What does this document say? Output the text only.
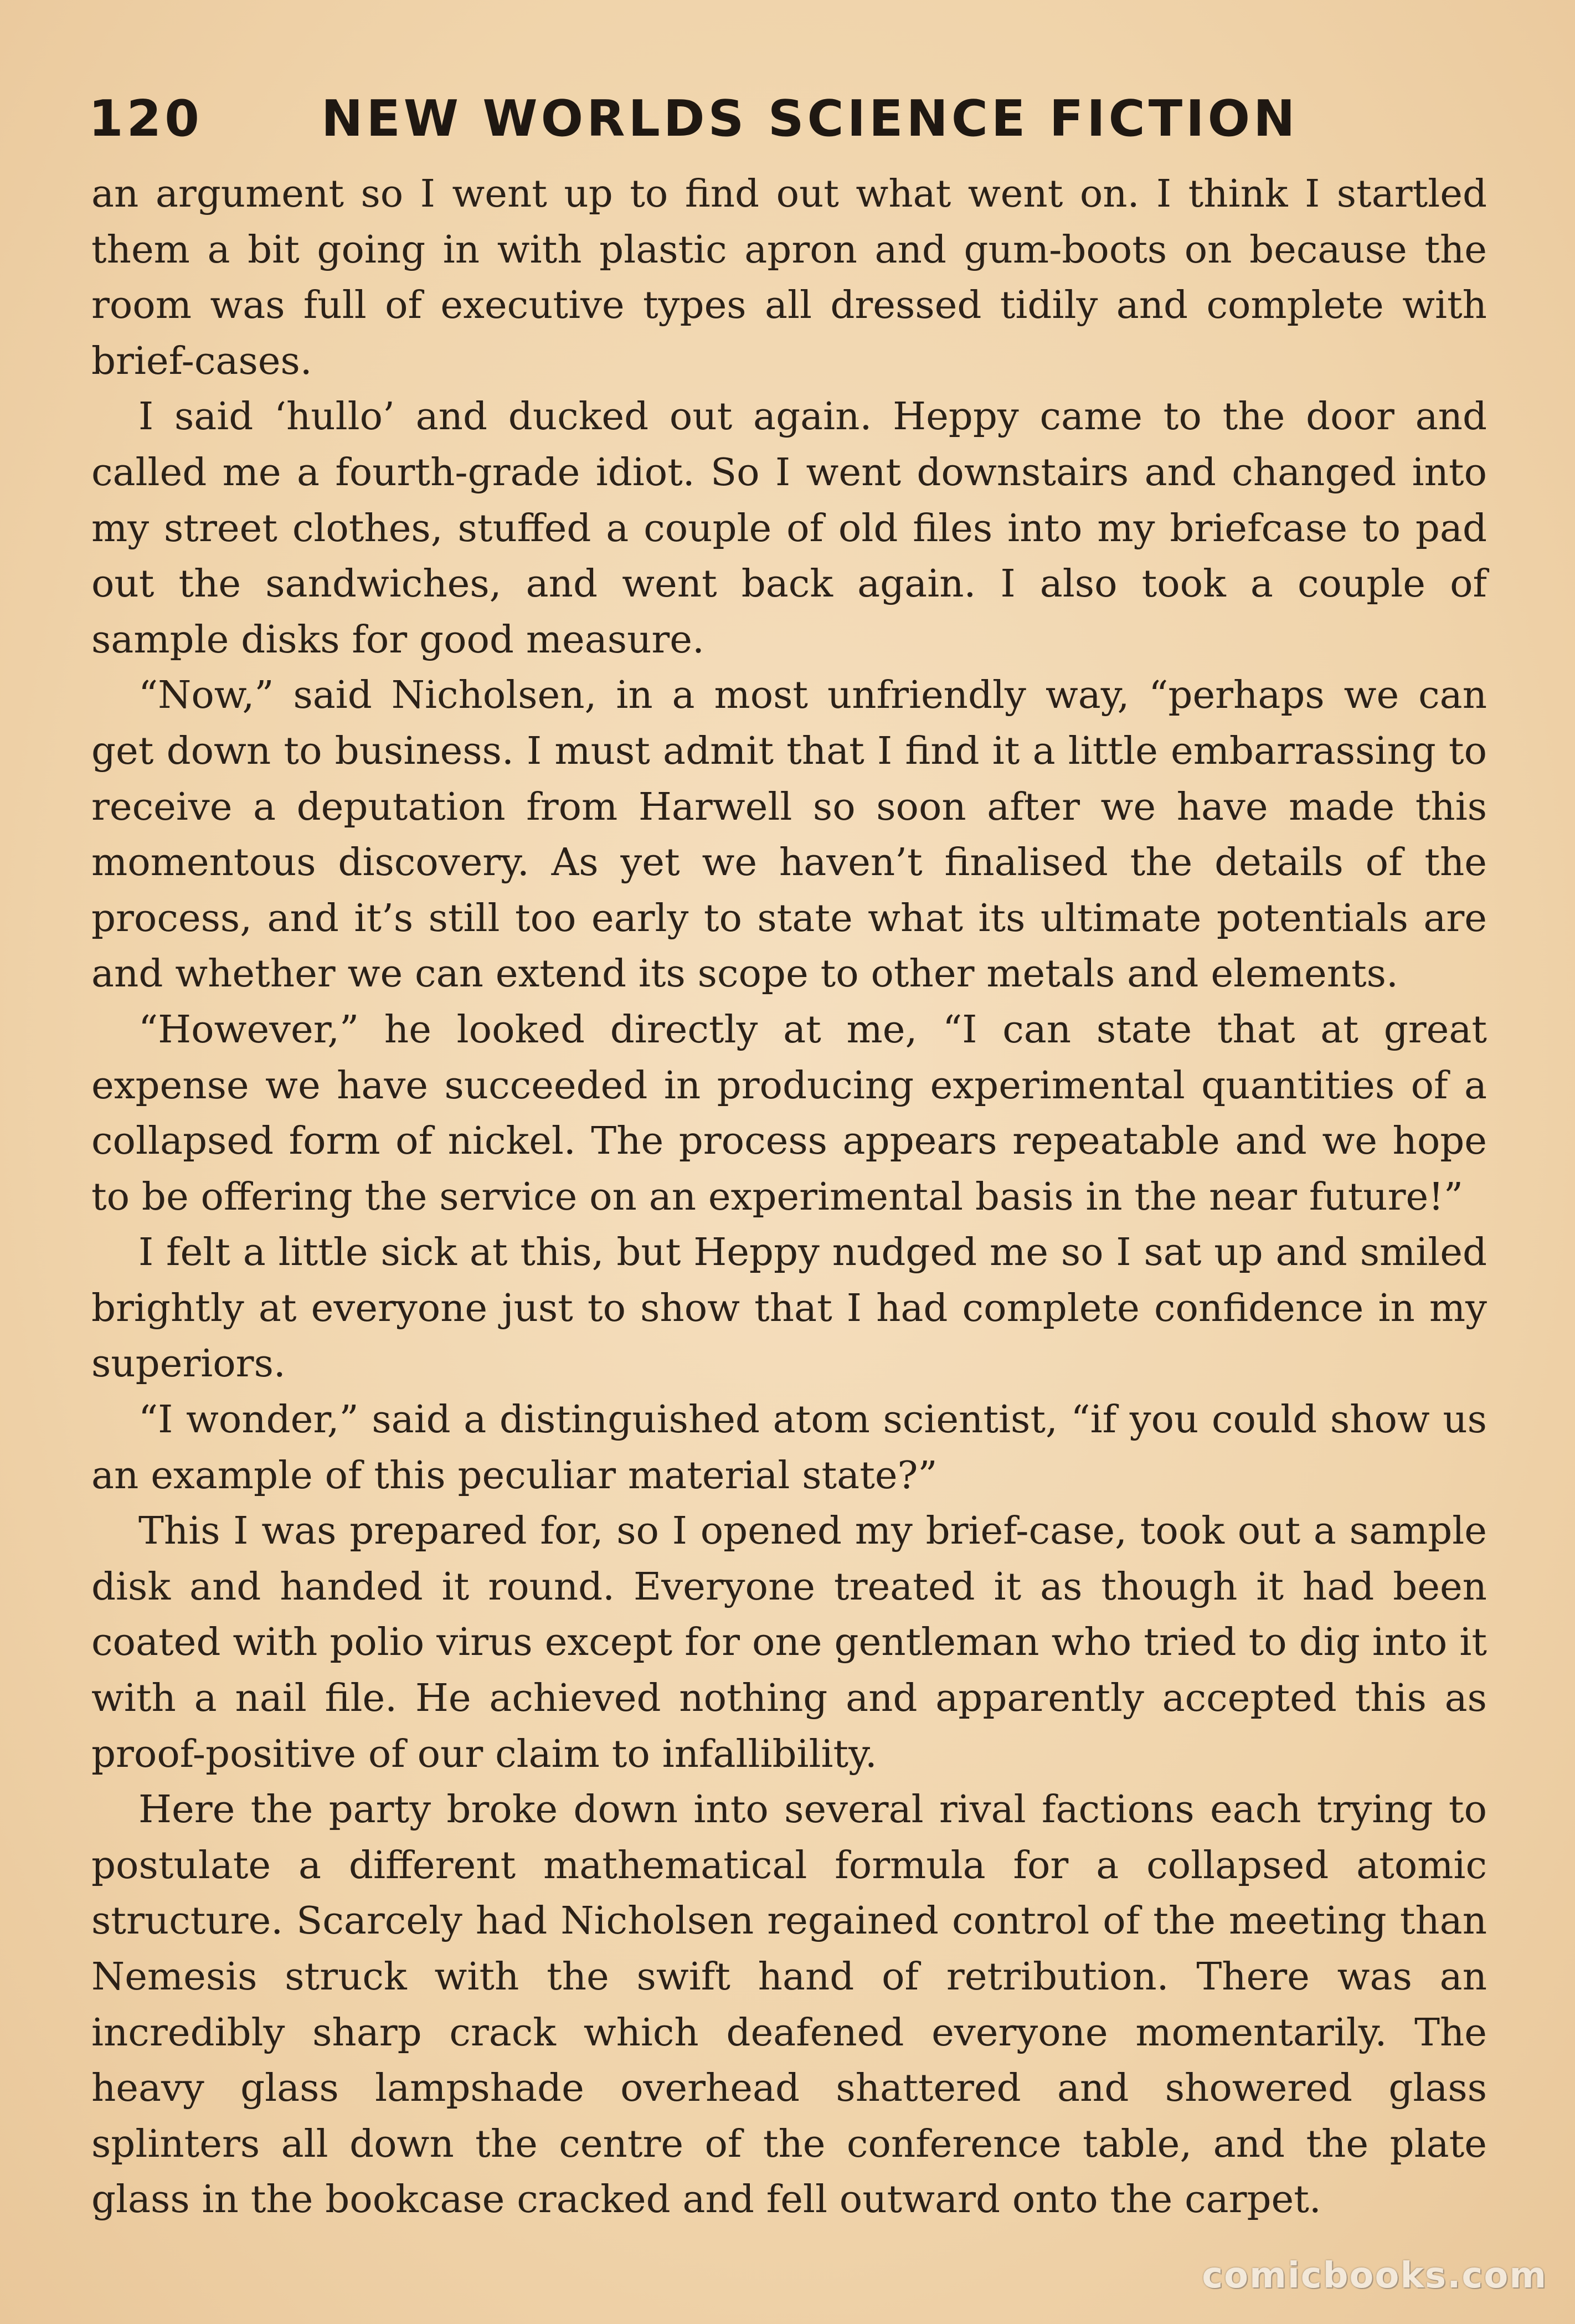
120 NEW WORLDS SCIENCE FICTION

an argument so I went up to find out what went on. I think I startled them a bit going in with plastic apron and gum-boots on because the room was full of executive types all dressed tidily and complete with brief-cases.

I said ‘hullo’ and ducked out again. Heppy came to the door and called me a fourth-grade idiot. So I went downstairs and changed into my street clothes, stuffed a couple of old files into my briefcase to pad out the sandwiches, and went back again. I also took a couple of sample disks for good measure.

“Now,” said Nicholsen, in a most unfriendly way, “perhaps we can get down to business. I must admit that I find it a little embarrassing to receive a deputation from Harwell so soon after we have made this momentous discovery. As yet we haven’t finalised the details of the process, and it’s still too early to state what its ultimate potentials are and whether we can extend its scope to other metals and elements.

“However,” he looked directly at me, “I can state that at great expense we have succeeded in producing experimental quantities of a collapsed form of nickel. The process appears repeatable and we hope to be offering the service on an experimental basis in the near future!”

I felt a little sick at this, but Heppy nudged me so I sat up and smiled brightly at everyone just to show that I had complete confidence in my superiors.

“I wonder,” said a distinguished atom scientist, “if you could show us an example of this peculiar material state?”

This I was prepared for, so I opened my brief-case, took out a sample disk and handed it round. Everyone treated it as though it had been coated with polio virus except for one gentleman who tried to dig into it with a nail file. He achieved nothing and apparently accepted this as proof-positive of our claim to infallibility.

Here the party broke down into several rival factions each trying to postulate a different mathematical formula for a collapsed atomic structure. Scarcely had Nicholsen regained control of the meeting than Nemesis struck with the swift hand of retribution. There was an incredibly sharp crack which deafened everyone momentarily. The heavy glass lampshade overhead shattered and showered glass splinters all down the centre of the conference table, and the plate glass in the bookcase cracked and fell outward onto the carpet.

comicbooks.com
